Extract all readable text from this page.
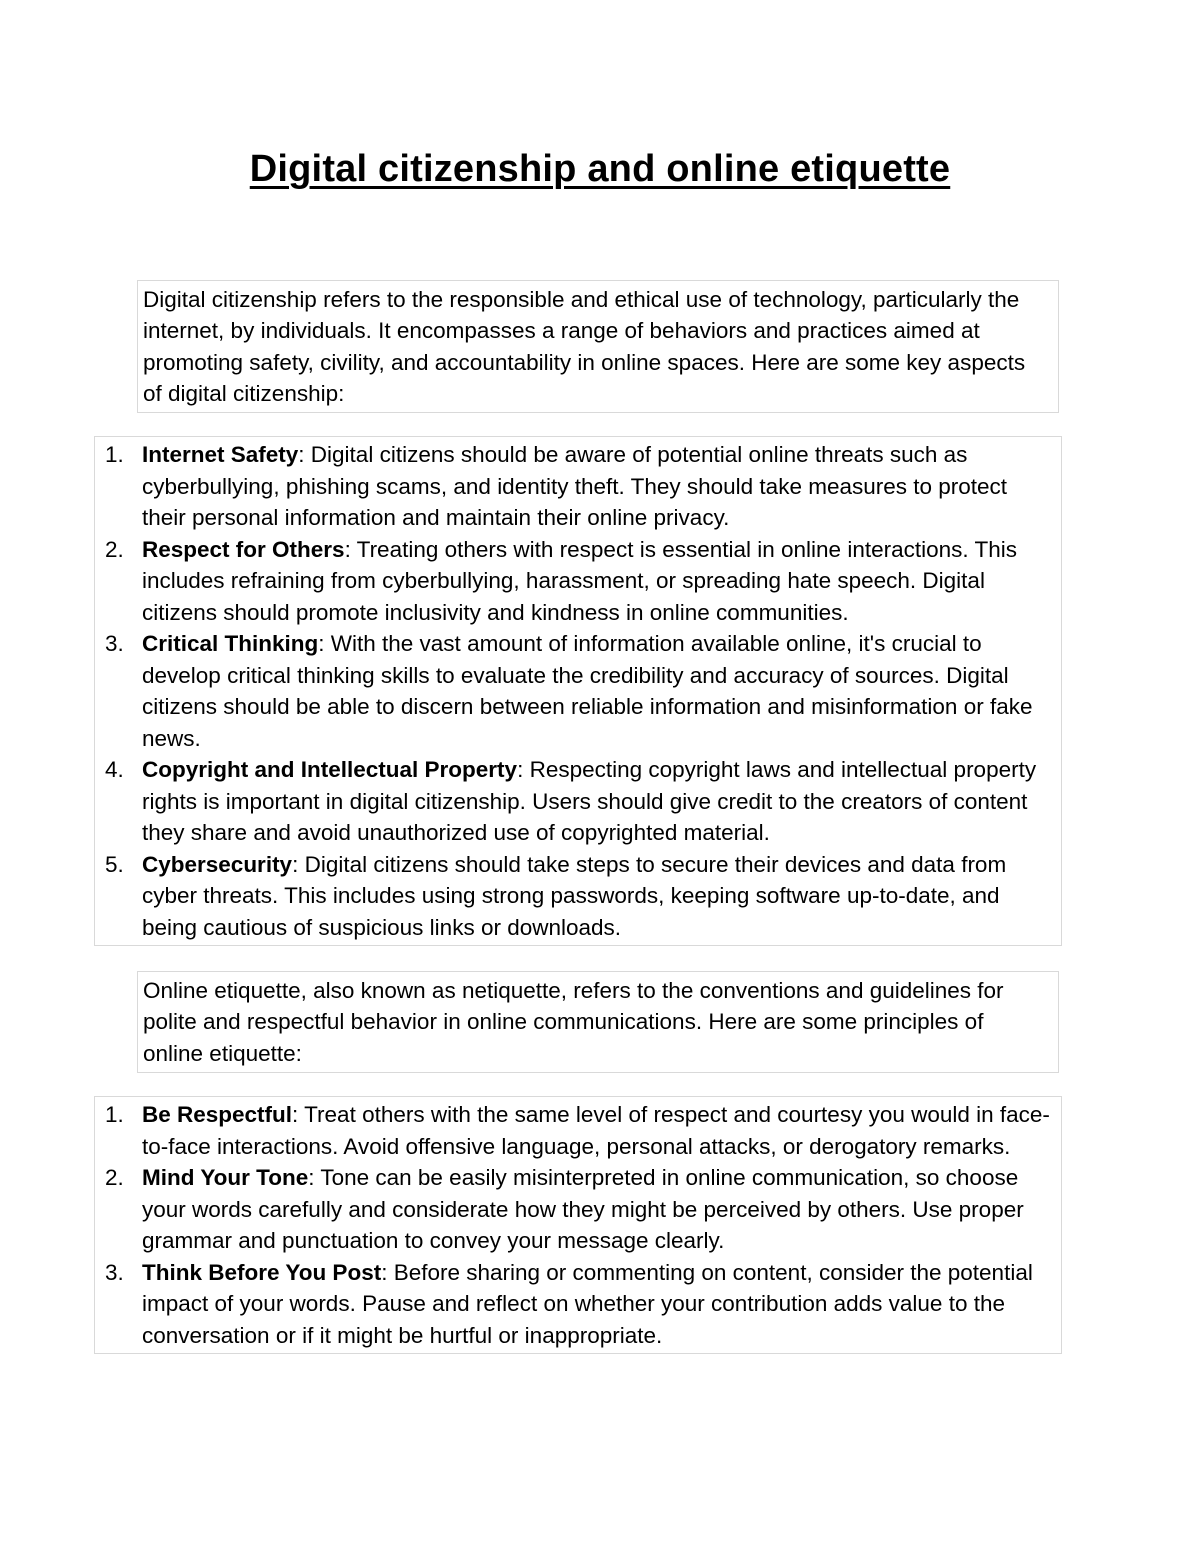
Digital citizenship and online etiquette
Digital citizenship refers to the responsible and ethical use of technology, particularly the internet, by individuals. It encompasses a range of behaviors and practices aimed at promoting safety, civility, and accountability in online spaces. Here are some key aspects of digital citizenship:
1. Internet Safety: Digital citizens should be aware of potential online threats such as cyberbullying, phishing scams, and identity theft. They should take measures to protect their personal information and maintain their online privacy.
2. Respect for Others: Treating others with respect is essential in online interactions. This includes refraining from cyberbullying, harassment, or spreading hate speech. Digital citizens should promote inclusivity and kindness in online communities.
3. Critical Thinking: With the vast amount of information available online, it's crucial to develop critical thinking skills to evaluate the credibility and accuracy of sources. Digital citizens should be able to discern between reliable information and misinformation or fake news.
4. Copyright and Intellectual Property: Respecting copyright laws and intellectual property rights is important in digital citizenship. Users should give credit to the creators of content they share and avoid unauthorized use of copyrighted material.
5. Cybersecurity: Digital citizens should take steps to secure their devices and data from cyber threats. This includes using strong passwords, keeping software up-to-date, and being cautious of suspicious links or downloads.
Online etiquette, also known as netiquette, refers to the conventions and guidelines for polite and respectful behavior in online communications. Here are some principles of online etiquette:
1. Be Respectful: Treat others with the same level of respect and courtesy you would in face-to-face interactions. Avoid offensive language, personal attacks, or derogatory remarks.
2. Mind Your Tone: Tone can be easily misinterpreted in online communication, so choose your words carefully and considerate how they might be perceived by others. Use proper grammar and punctuation to convey your message clearly.
3. Think Before You Post: Before sharing or commenting on content, consider the potential impact of your words. Pause and reflect on whether your contribution adds value to the conversation or if it might be hurtful or inappropriate.
